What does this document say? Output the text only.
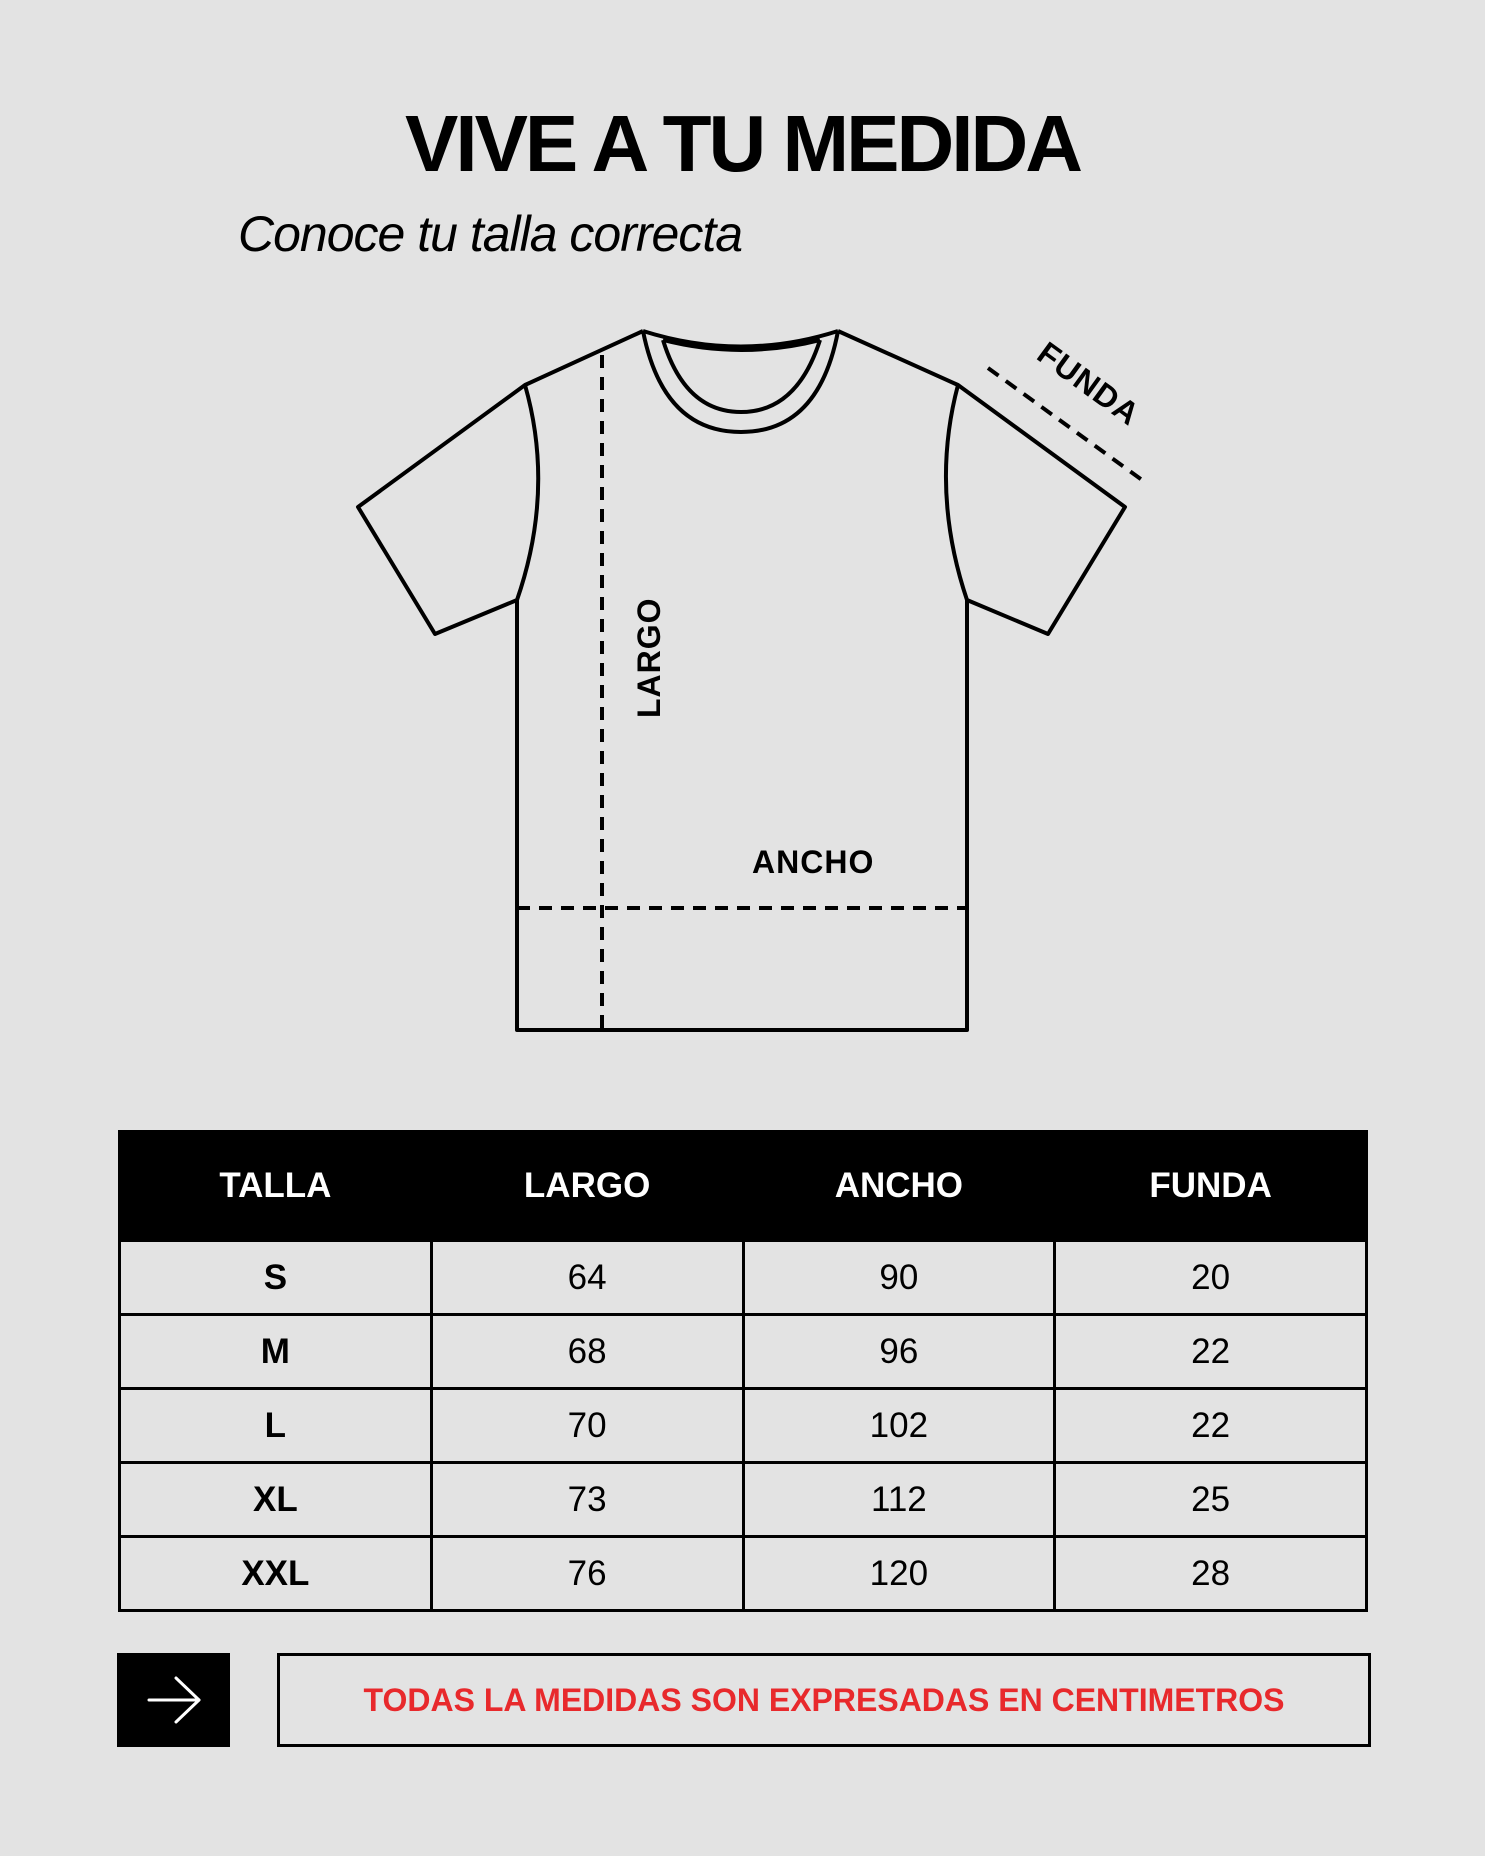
VIVE A TU MEDIDA

Conoce tu talla correcta

FUNDA
LARGO
ANCHO
TALLA	LARGO	ANCHO	FUNDA
S	64	90	20
M	68	96	22
L	70	102	22
XL	73	112	25
XXL	76	120	28
TODAS LA MEDIDAS SON EXPRESADAS EN CENTIMETROS
